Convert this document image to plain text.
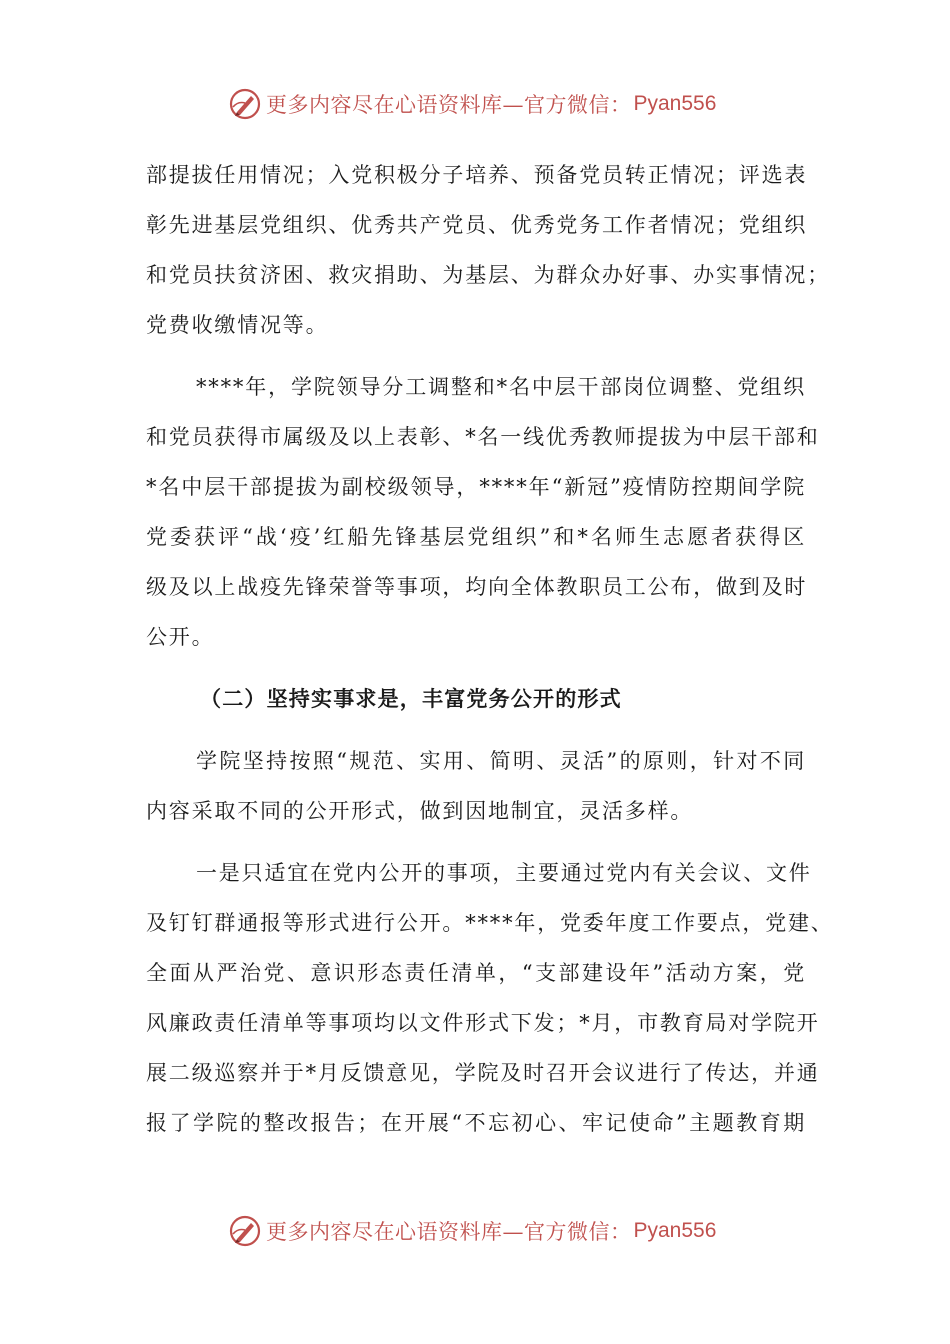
更多内容尽在心语资料库—官方微信： Pyan556
部提拔任用情况；入党积极分子培养、预备党员转正情况；评选表
彰先进基层党组织、优秀共产党员、优秀党务工作者情况；党组织
和党员扶贫济困、救灾捐助、为基层、为群众办好事、办实事情况；
党费收缴情况等。
****年，学院领导分工调整和*名中层干部岗位调整、党组织
和党员获得市属级及以上表彰、*名一线优秀教师提拔为中层干部和
*名中层干部提拔为副校级领导，****年“新冠”疫情防控期间学院
党委获评“战‘疫’红船先锋基层党组织”和*名师生志愿者获得区
级及以上战疫先锋荣誉等事项，均向全体教职员工公布，做到及时
公开。
（二）坚持实事求是，丰富党务公开的形式
学院坚持按照“规范、实用、简明、灵活”的原则，针对不同
内容采取不同的公开形式，做到因地制宜，灵活多样。
一是只适宜在党内公开的事项，主要通过党内有关会议、文件
及钉钉群通报等形式进行公开。****年，党委年度工作要点，党建、
全面从严治党、意识形态责任清单，“支部建设年”活动方案，党
风廉政责任清单等事项均以文件形式下发；*月，市教育局对学院开
展二级巡察并于*月反馈意见，学院及时召开会议进行了传达，并通
报了学院的整改报告；在开展“不忘初心、牢记使命”主题教育期
更多内容尽在心语资料库—官方微信： Pyan556
